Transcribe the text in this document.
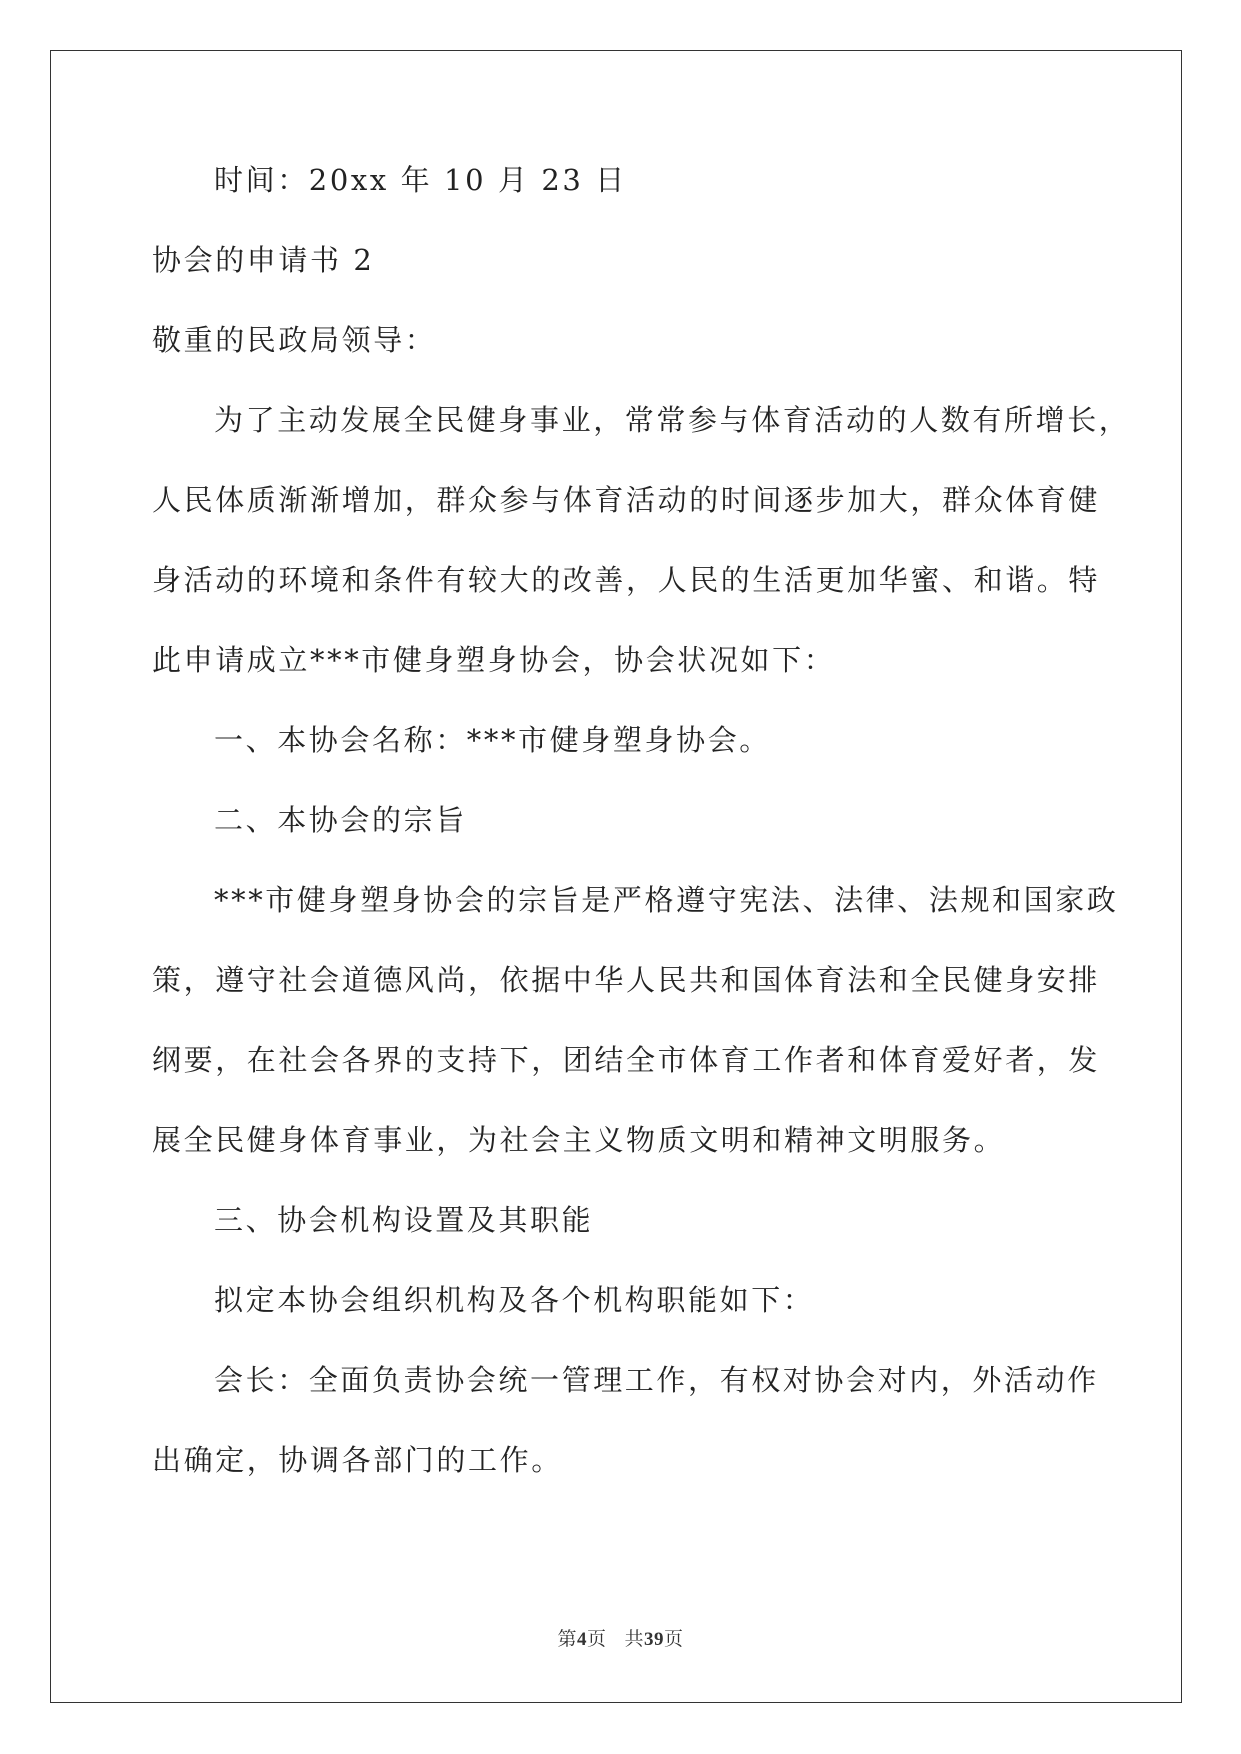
时间：20xx 年 10 月 23 日
协会的申请书 2
敬重的民政局领导：
为了主动发展全民健身事业，常常参与体育活动的人数有所增长，
人民体质渐渐增加，群众参与体育活动的时间逐步加大，群众体育健
身活动的环境和条件有较大的改善，人民的生活更加华蜜、和谐。特
此申请成立***市健身塑身协会，协会状况如下：
一、本协会名称：***市健身塑身协会。
二、本协会的宗旨
***市健身塑身协会的宗旨是严格遵守宪法、法律、法规和国家政
策，遵守社会道德风尚，依据中华人民共和国体育法和全民健身安排
纲要，在社会各界的支持下，团结全市体育工作者和体育爱好者，发
展全民健身体育事业，为社会主义物质文明和精神文明服务。
三、协会机构设置及其职能
拟定本协会组织机构及各个机构职能如下：
会长：全面负责协会统一管理工作，有权对协会对内，外活动作
出确定，协调各部门的工作。
第4页 共39页
